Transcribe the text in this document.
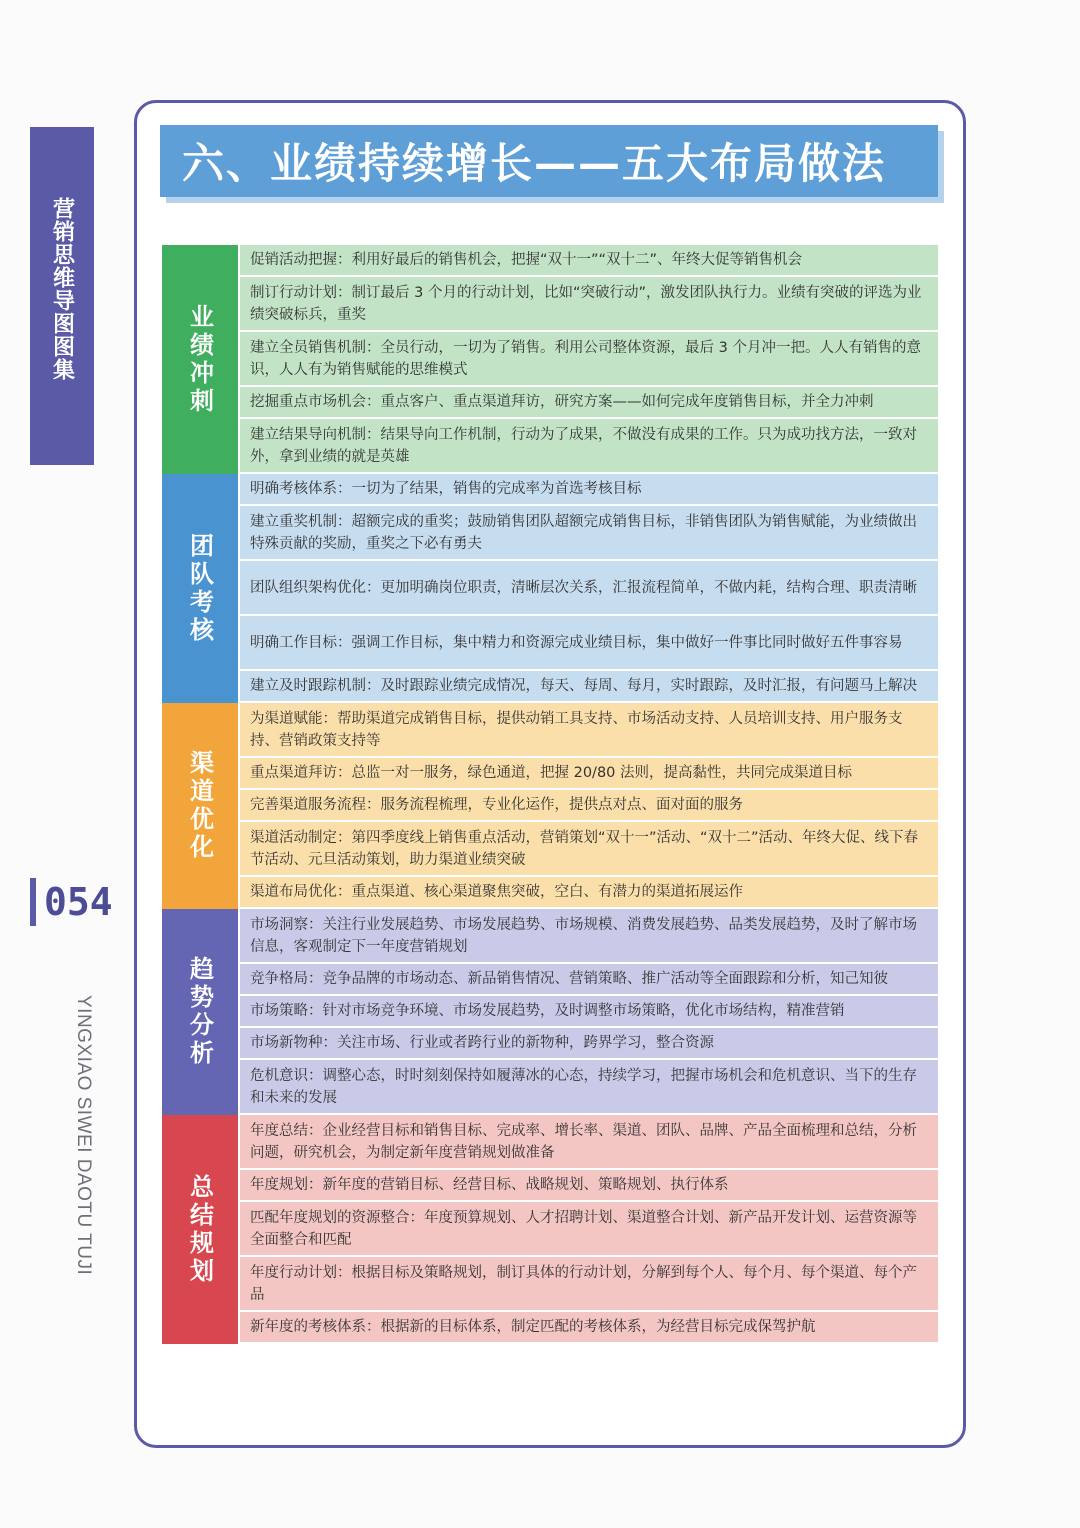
营销思维导图图集
054
YINGXIAO SIWEI DAOTU TUJI
六、业绩持续增长——五大布局做法
业绩冲刺
促销活动把握：利用好最后的销售机会，把握“双十一”“双十二”、年终大促等销售机会
制订行动计划：制订最后 3 个月的行动计划，比如“突破行动”，激发团队执行力。业绩有突破的评选为业绩突破标兵，重奖
建立全员销售机制：全员行动，一切为了销售。利用公司整体资源，最后 3 个月冲一把。人人有销售的意识，人人有为销售赋能的思维模式
挖掘重点市场机会：重点客户、重点渠道拜访，研究方案——如何完成年度销售目标，并全力冲刺
建立结果导向机制：结果导向工作机制，行动为了成果，不做没有成果的工作。只为成功找方法，一致对外，拿到业绩的就是英雄
团队考核
明确考核体系：一切为了结果，销售的完成率为首选考核目标
建立重奖机制：超额完成的重奖；鼓励销售团队超额完成销售目标，非销售团队为销售赋能，为业绩做出特殊贡献的奖励，重奖之下必有勇夫
团队组织架构优化：更加明确岗位职责，清晰层次关系，汇报流程简单，不做内耗，结构合理、职责清晰
明确工作目标：强调工作目标，集中精力和资源完成业绩目标，集中做好一件事比同时做好五件事容易
建立及时跟踪机制：及时跟踪业绩完成情况，每天、每周、每月，实时跟踪，及时汇报，有问题马上解决
渠道优化
为渠道赋能：帮助渠道完成销售目标，提供动销工具支持、市场活动支持、人员培训支持、用户服务支持、营销政策支持等
重点渠道拜访：总监一对一服务，绿色通道，把握 20/80 法则，提高黏性，共同完成渠道目标
完善渠道服务流程：服务流程梳理，专业化运作，提供点对点、面对面的服务
渠道活动制定：第四季度线上销售重点活动，营销策划“双十一”活动、“双十二”活动、年终大促、线下春节活动、元旦活动策划，助力渠道业绩突破
渠道布局优化：重点渠道、核心渠道聚焦突破，空白、有潜力的渠道拓展运作
趋势分析
市场洞察：关注行业发展趋势、市场发展趋势、市场规模、消费发展趋势、品类发展趋势，及时了解市场信息，客观制定下一年度营销规划
竞争格局：竞争品牌的市场动态、新品销售情况、营销策略、推广活动等全面跟踪和分析，知己知彼
市场策略：针对市场竞争环境、市场发展趋势，及时调整市场策略，优化市场结构，精准营销
市场新物种：关注市场、行业或者跨行业的新物种，跨界学习，整合资源
危机意识：调整心态，时时刻刻保持如履薄冰的心态，持续学习，把握市场机会和危机意识、当下的生存和未来的发展
总结规划
年度总结：企业经营目标和销售目标、完成率、增长率、渠道、团队、品牌、产品全面梳理和总结，分析问题，研究机会，为制定新年度营销规划做准备
年度规划：新年度的营销目标、经营目标、战略规划、策略规划、执行体系
匹配年度规划的资源整合：年度预算规划、人才招聘计划、渠道整合计划、新产品开发计划、运营资源等全面整合和匹配
年度行动计划：根据目标及策略规划，制订具体的行动计划，分解到每个人、每个月、每个渠道、每个产品
新年度的考核体系：根据新的目标体系，制定匹配的考核体系，为经营目标完成保驾护航
